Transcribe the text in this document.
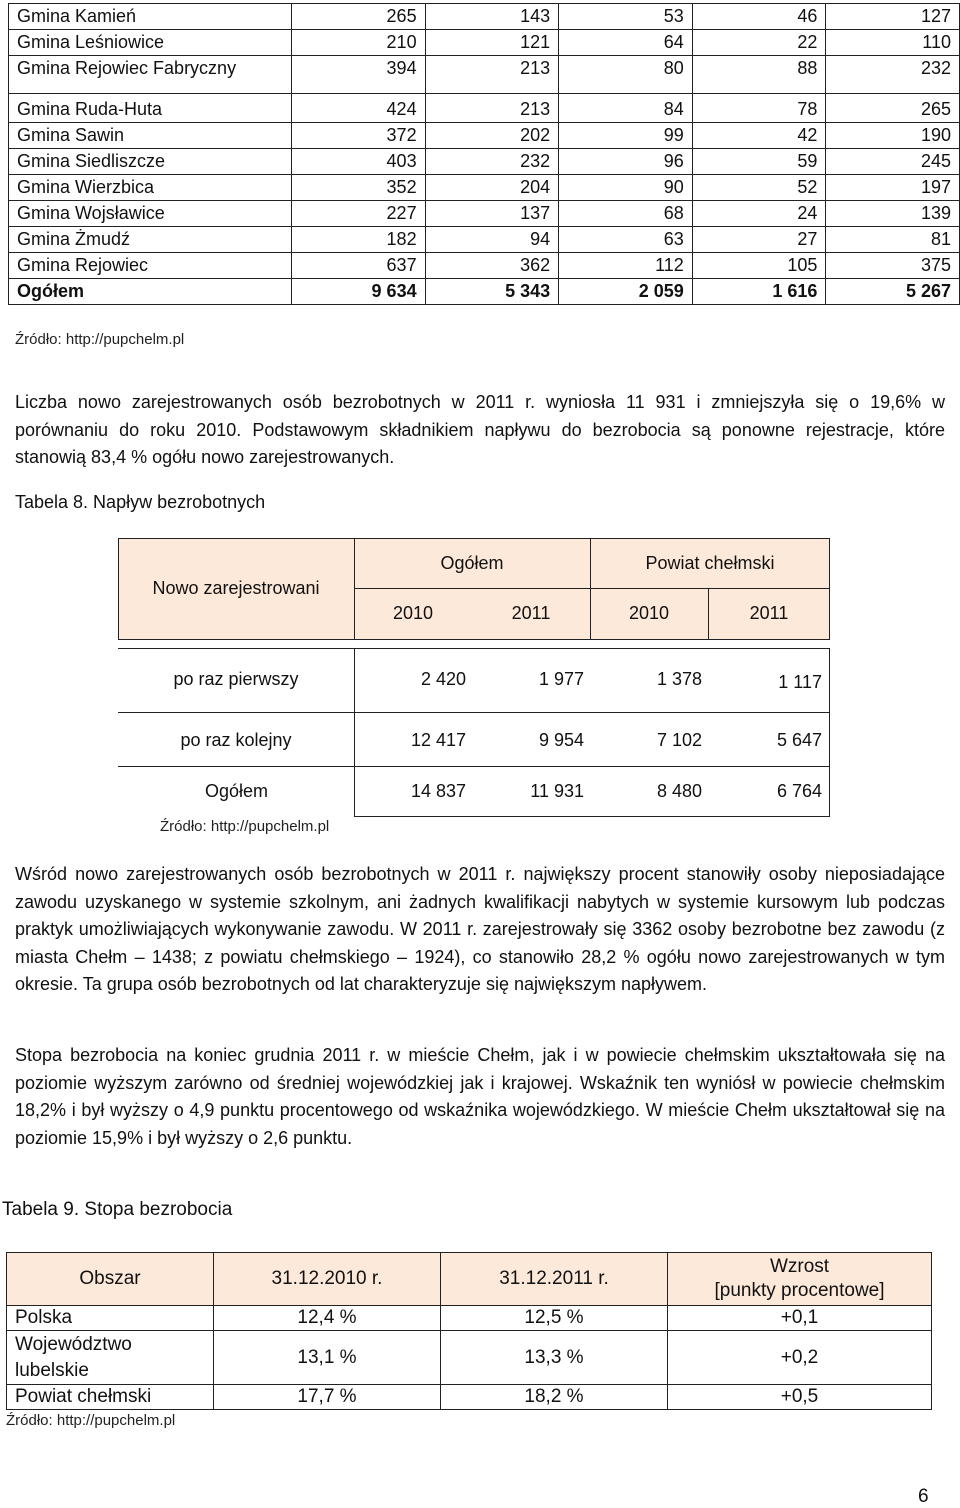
Gmina Kamień	265	143	53	46	127
Gmina Leśniowice	210	121	64	22	110
Gmina Rejowiec Fabryczny	394	213	80	88	232
Gmina Ruda-Huta	424	213	84	78	265
Gmina Sawin	372	202	99	42	190
Gmina Siedliszcze	403	232	96	59	245
Gmina Wierzbica	352	204	90	52	197
Gmina Wojsławice	227	137	68	24	139
Gmina Żmudź	182	94	63	27	81
Gmina Rejowiec	637	362	112	105	375
Ogółem	9 634	5 343	2 059	1 616	5 267
Źródło: http://pupchelm.pl
Liczba nowo zarejestrowanych osób bezrobotnych w 2011 r. wyniosła 11 931 i zmniejszyła się o 19,6% w porównaniu do roku 2010. Podstawowym składnikiem napływu do bezrobocia są ponowne rejestracje, które stanowią 83,4 % ogółu nowo zarejestrowanych.
Tabela 8. Napływ bezrobotnych
Nowo zarejestrowani
Ogółem	Powiat chełmski
2010	2011	2010	2011
po raz pierwszy	2 420	1 977	1 378	1 117
po raz kolejny	12 417	9 954	7 102	5 647
Ogółem	14 837	11 931	8 480	6 764
Źródło: http://pupchelm.pl
Wśród nowo zarejestrowanych osób bezrobotnych w 2011 r. największy procent stanowiły osoby nieposiadające zawodu uzyskanego w systemie szkolnym, ani żadnych kwalifikacji nabytych w systemie kursowym lub podczas praktyk umożliwiających wykonywanie zawodu. W 2011 r. zarejestrowały się 3362 osoby bezrobotne bez zawodu (z miasta Chełm – 1438; z powiatu chełmskiego – 1924), co stanowiło 28,2 % ogółu nowo zarejestrowanych w tym okresie. Ta grupa osób bezrobotnych od lat charakteryzuje się największym napływem.
Stopa bezrobocia na koniec grudnia 2011 r. w mieście Chełm, jak i w powiecie chełmskim ukształtowała się na poziomie wyższym zarówno od średniej wojewódzkiej jak i krajowej. Wskaźnik ten wyniósł w powiecie chełmskim 18,2% i był wyższy o 4,9 punktu procentowego od wskaźnika wojewódzkiego. W mieście Chełm ukształtował się na poziomie 15,9% i był wyższy o 2,6 punktu.
Tabela 9. Stopa bezrobocia
Obszar	31.12.2010 r.	31.12.2011 r.	Wzrost
[punkty procentowe]

Polska	12,4 %	12,5 %	+0,1
Województwo lubelskie	13,1 %	13,3 %	+0,2
Powiat chełmski	17,7 %	18,2 %	+0,5
Źródło: http://pupchelm.pl
6
